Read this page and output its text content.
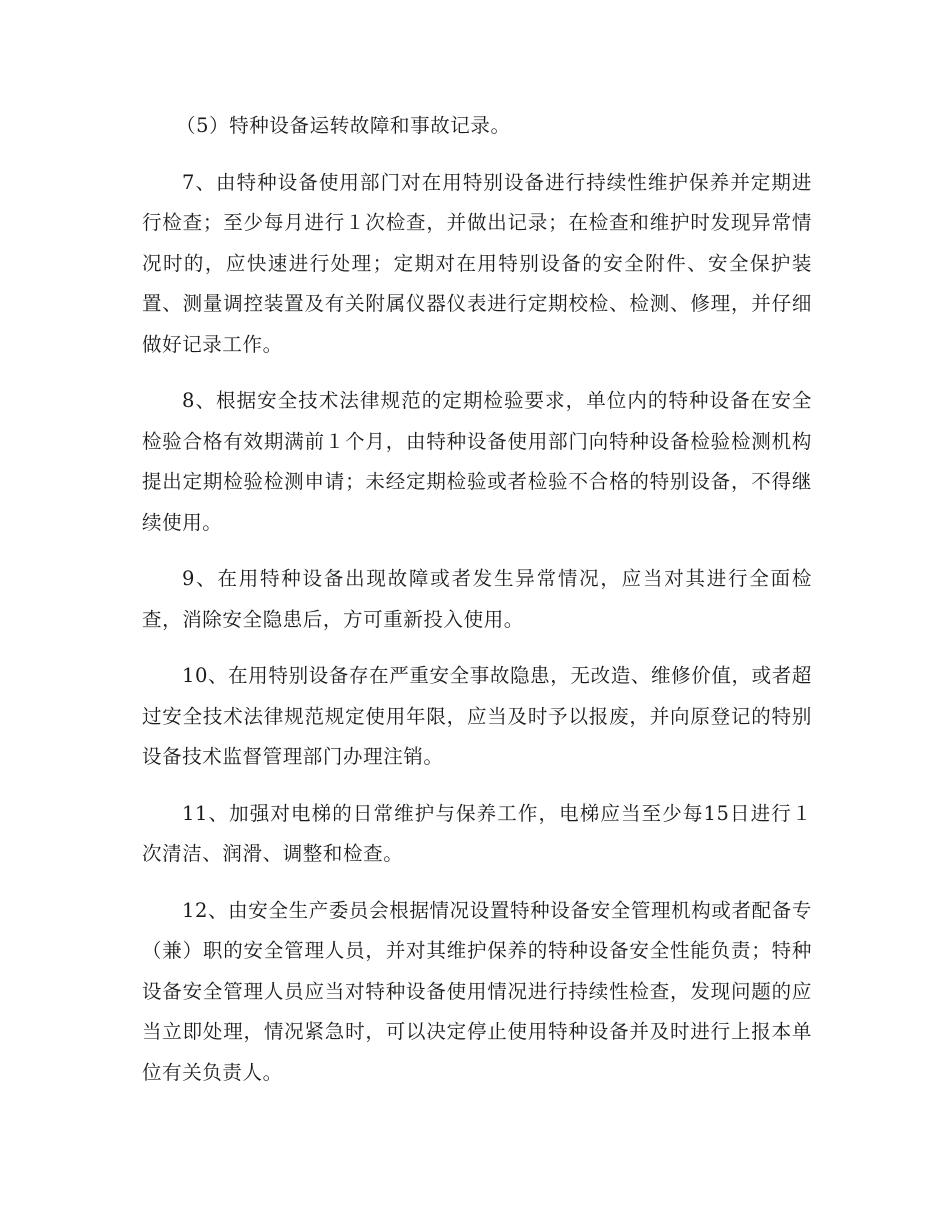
（5）特种设备运转故障和事故记录。

7、由特种设备使用部门对在用特别设备进行持续性维护保养并定期进行检查；至少每月进行１次检查，并做出记录；在检查和维护时发现异常情况时的，应快速进行处理；定期对在用特别设备的安全附件、安全保护装置、测量调控装置及有关附属仪器仪表进行定期校检、检测、修理，并仔细做好记录工作。

8、根据安全技术法律规范的定期检验要求，单位内的特种设备在安全检验合格有效期满前１个月，由特种设备使用部门向特种设备检验检测机构提出定期检验检测申请；未经定期检验或者检验不合格的特别设备，不得继续使用。

9、在用特种设备出现故障或者发生异常情况，应当对其进行全面检查，消除安全隐患后，方可重新投入使用。

10、在用特别设备存在严重安全事故隐患，无改造、维修价值，或者超过安全技术法律规范规定使用年限，应当及时予以报废，并向原登记的特别设备技术监督管理部门办理注销。

11、加强对电梯的日常维护与保养工作，电梯应当至少每15日进行１次清洁、润滑、调整和检查。

12、由安全生产委员会根据情况设置特种设备安全管理机构或者配备专（兼）职的安全管理人员，并对其维护保养的特种设备安全性能负责；特种设备安全管理人员应当对特种设备使用情况进行持续性检查，发现问题的应当立即处理，情况紧急时，可以决定停止使用特种设备并及时进行上报本单位有关负责人。
